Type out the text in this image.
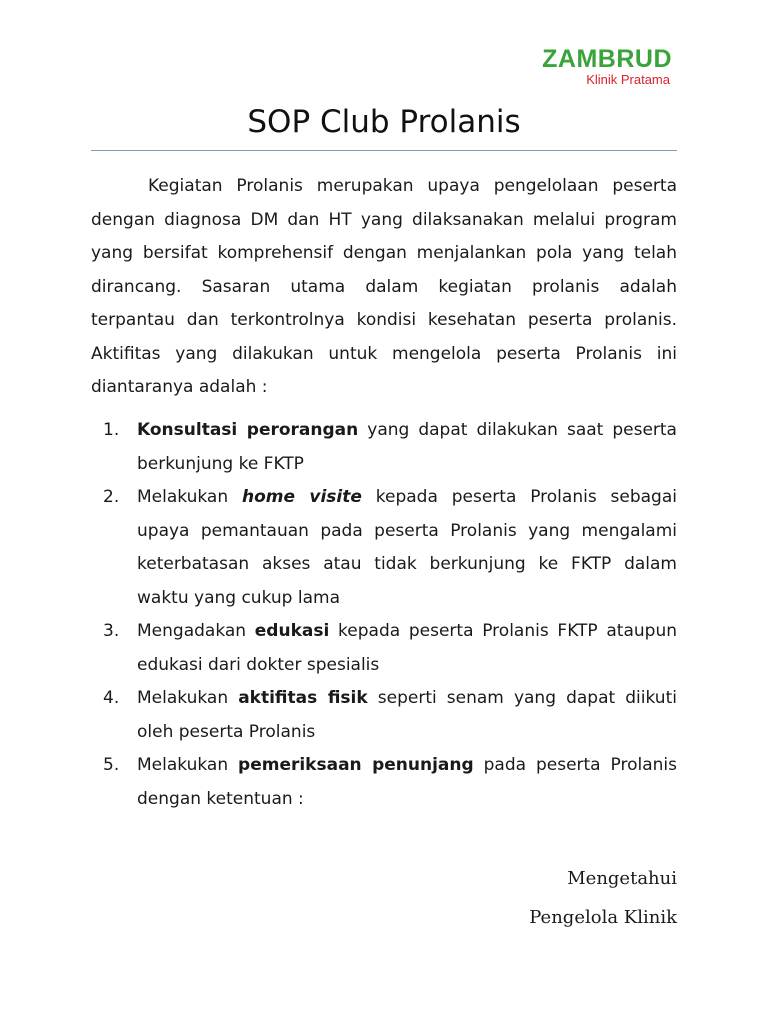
ZAMBRUD
Klinik Pratama
SOP Club Prolanis

Kegiatan Prolanis merupakan upaya pengelolaan peserta dengan diagnosa DM dan HT yang dilaksanakan melalui program yang bersifat komprehensif dengan menjalankan pola yang telah dirancang. Sasaran utama dalam kegiatan prolanis adalah terpantau dan terkontrolnya kondisi kesehatan peserta prolanis. Aktifitas yang dilakukan untuk mengelola peserta Prolanis ini diantaranya adalah :

1. Konsultasi perorangan yang dapat dilakukan saat peserta berkunjung ke FKTP
2. Melakukan home visite kepada peserta Prolanis sebagai upaya pemantauan pada peserta Prolanis yang mengalami keterbatasan akses atau tidak berkunjung ke FKTP dalam waktu yang cukup lama
3. Mengadakan edukasi kepada peserta Prolanis FKTP ataupun edukasi dari dokter spesialis
4. Melakukan aktifitas fisik seperti senam yang dapat diikuti oleh peserta Prolanis
5. Melakukan pemeriksaan penunjang pada peserta Prolanis dengan ketentuan :
Mengetahui
Pengelola Klinik
